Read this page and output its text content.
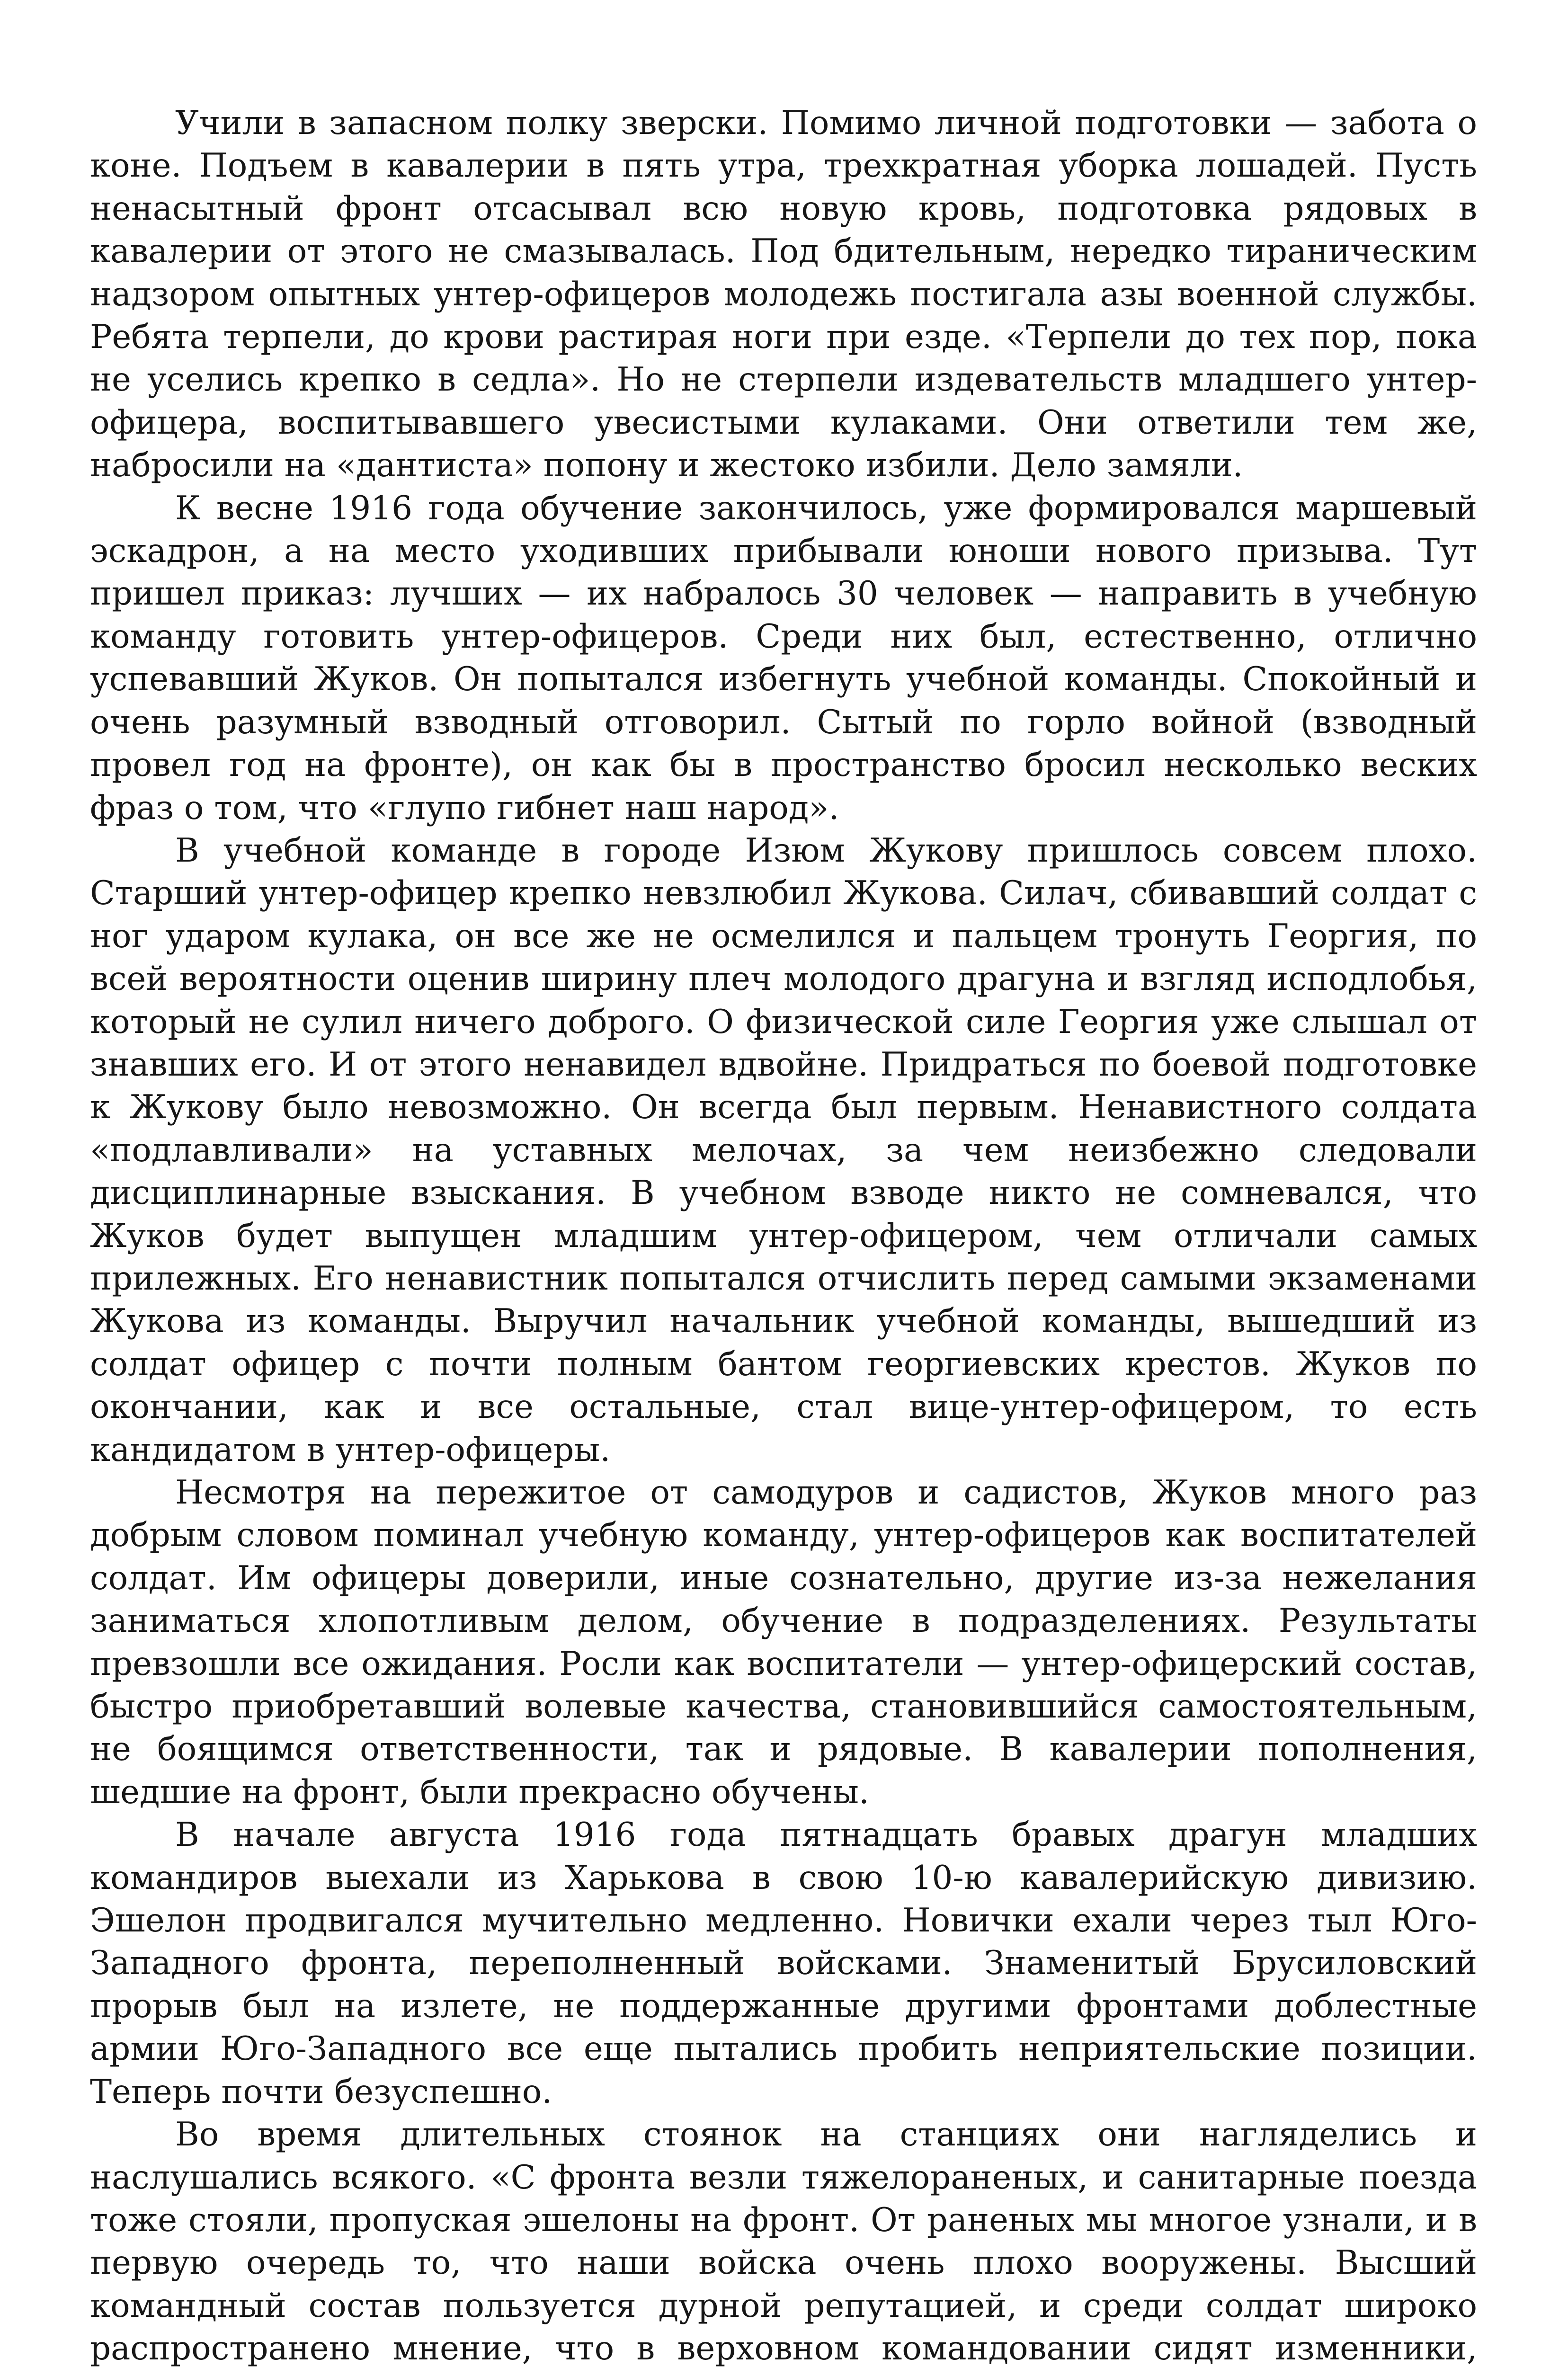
Учили в запасном полку зверски. Помимо личной подготовки — забота о коне. Подъем в кавалерии в пять утра, трехкратная уборка лошадей. Пусть ненасытный фронт отсасывал всю новую кровь, подготовка рядовых в кавалерии от этого не смазывалась. Под бдительным, нередко тираническим надзором опытных унтер-офицеров молодежь постигала азы военной службы. Ребята терпели, до крови растирая ноги при езде. «Терпели до тех пор, пока не уселись крепко в седла». Но не стерпели издевательств младшего унтер-офицера, воспитывавшего увесистыми кулаками. Они ответили тем же, набросили на «дантиста» попону и жестоко избили. Дело замяли.

К весне 1916 года обучение закончилось, уже формировался маршевый эскадрон, а на место уходивших прибывали юноши нового призыва. Тут пришел приказ: лучших — их набралось 30 человек — направить в учебную команду готовить унтер-офицеров. Среди них был, естественно, отлично успевавший Жуков. Он попытался избегнуть учебной команды. Спокойный и очень разумный взводный отговорил. Сытый по горло войной (взводный провел год на фронте), он как бы в пространство бросил несколько веских фраз о том, что «глупо гибнет наш народ».

В учебной команде в городе Изюм Жукову пришлось совсем плохо. Старший унтер-офицер крепко невзлюбил Жукова. Силач, сбивавший солдат с ног ударом кулака, он все же не осмелился и пальцем тронуть Георгия, по всей вероятности оценив ширину плеч молодого драгуна и взгляд исподлобья, который не сулил ничего доброго. О физической силе Георгия уже слышал от знавших его. И от этого ненавидел вдвойне. Придраться по боевой подготовке к Жукову было невозможно. Он всегда был первым. Ненавистного солдата «подлавливали» на уставных мелочах, за чем неизбежно следовали дисциплинарные взыскания. В учебном взводе никто не сомневался, что Жуков будет выпущен младшим унтер-офицером, чем отличали самых прилежных. Его ненавистник попытался отчислить перед самыми экзаменами Жукова из команды. Выручил начальник учебной команды, вышедший из солдат офицер с почти полным бантом георгиевских крестов. Жуков по окончании, как и все остальные, стал вице-унтер-офицером, то есть кандидатом в унтер-офицеры.

Несмотря на пережитое от самодуров и садистов, Жуков много раз добрым словом поминал учебную команду, унтер-офицеров как воспитателей солдат. Им офицеры доверили, иные сознательно, другие из-за нежелания заниматься хлопотливым делом, обучение в подразделениях. Результаты превзошли все ожидания. Росли как воспитатели — унтер-офицерский состав, быстро приобретавший волевые качества, становившийся самостоятельным, не боящимся ответственности, так и рядовые. В кавалерии пополнения, шедшие на фронт, были прекрасно обучены.

В начале августа 1916 года пятнадцать бравых драгун младших командиров выехали из Харькова в свою 10-ю кавалерийскую дивизию. Эшелон продвигался мучительно медленно. Новички ехали через тыл Юго-Западного фронта, переполненный войсками. Знаменитый Брусиловский прорыв был на излете, не поддержанные другими фронтами доблестные армии Юго-Западного все еще пытались пробить неприятельские позиции. Теперь почти безуспешно.

Во время длительных стоянок на станциях они нагляделись и наслушались всякого. «С фронта везли тяжелораненых, и санитарные поезда тоже стояли, пропуская эшелоны на фронт. От раненых мы многое узнали, и в первую очередь то, что наши войска очень плохо вооружены. Высший командный состав пользуется дурной репутацией, и среди солдат широко распространено мнение, что в верховном командовании сидят изменники,
